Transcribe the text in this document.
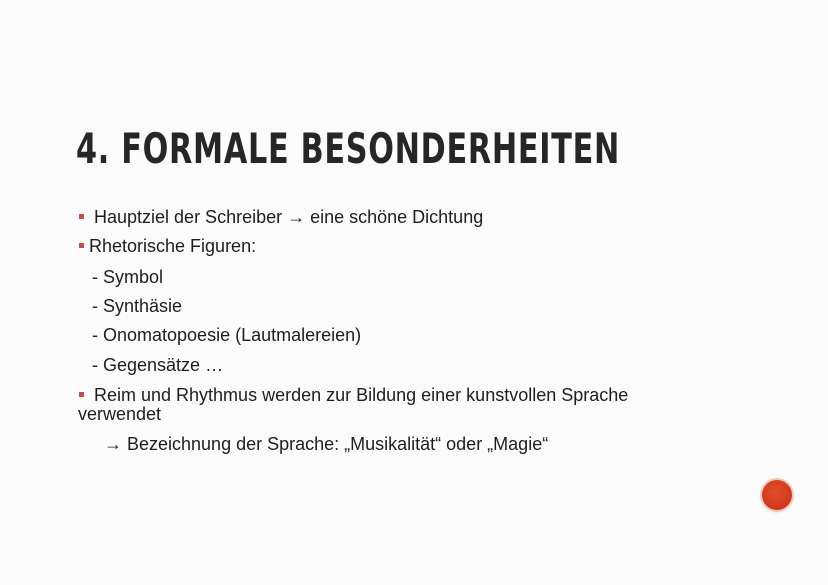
4. FORMALE BESONDERHEITEN
Hauptziel der Schreiber → eine schöne Dichtung
Rhetorische Figuren:
- Symbol
- Synthäsie
- Onomatopoesie (Lautmalereien)
- Gegensätze …
Reim und Rhythmus werden zur Bildung einer kunstvollen Sprache
verwendet
→ Bezeichnung der Sprache: „Musikalität“ oder „Magie“
